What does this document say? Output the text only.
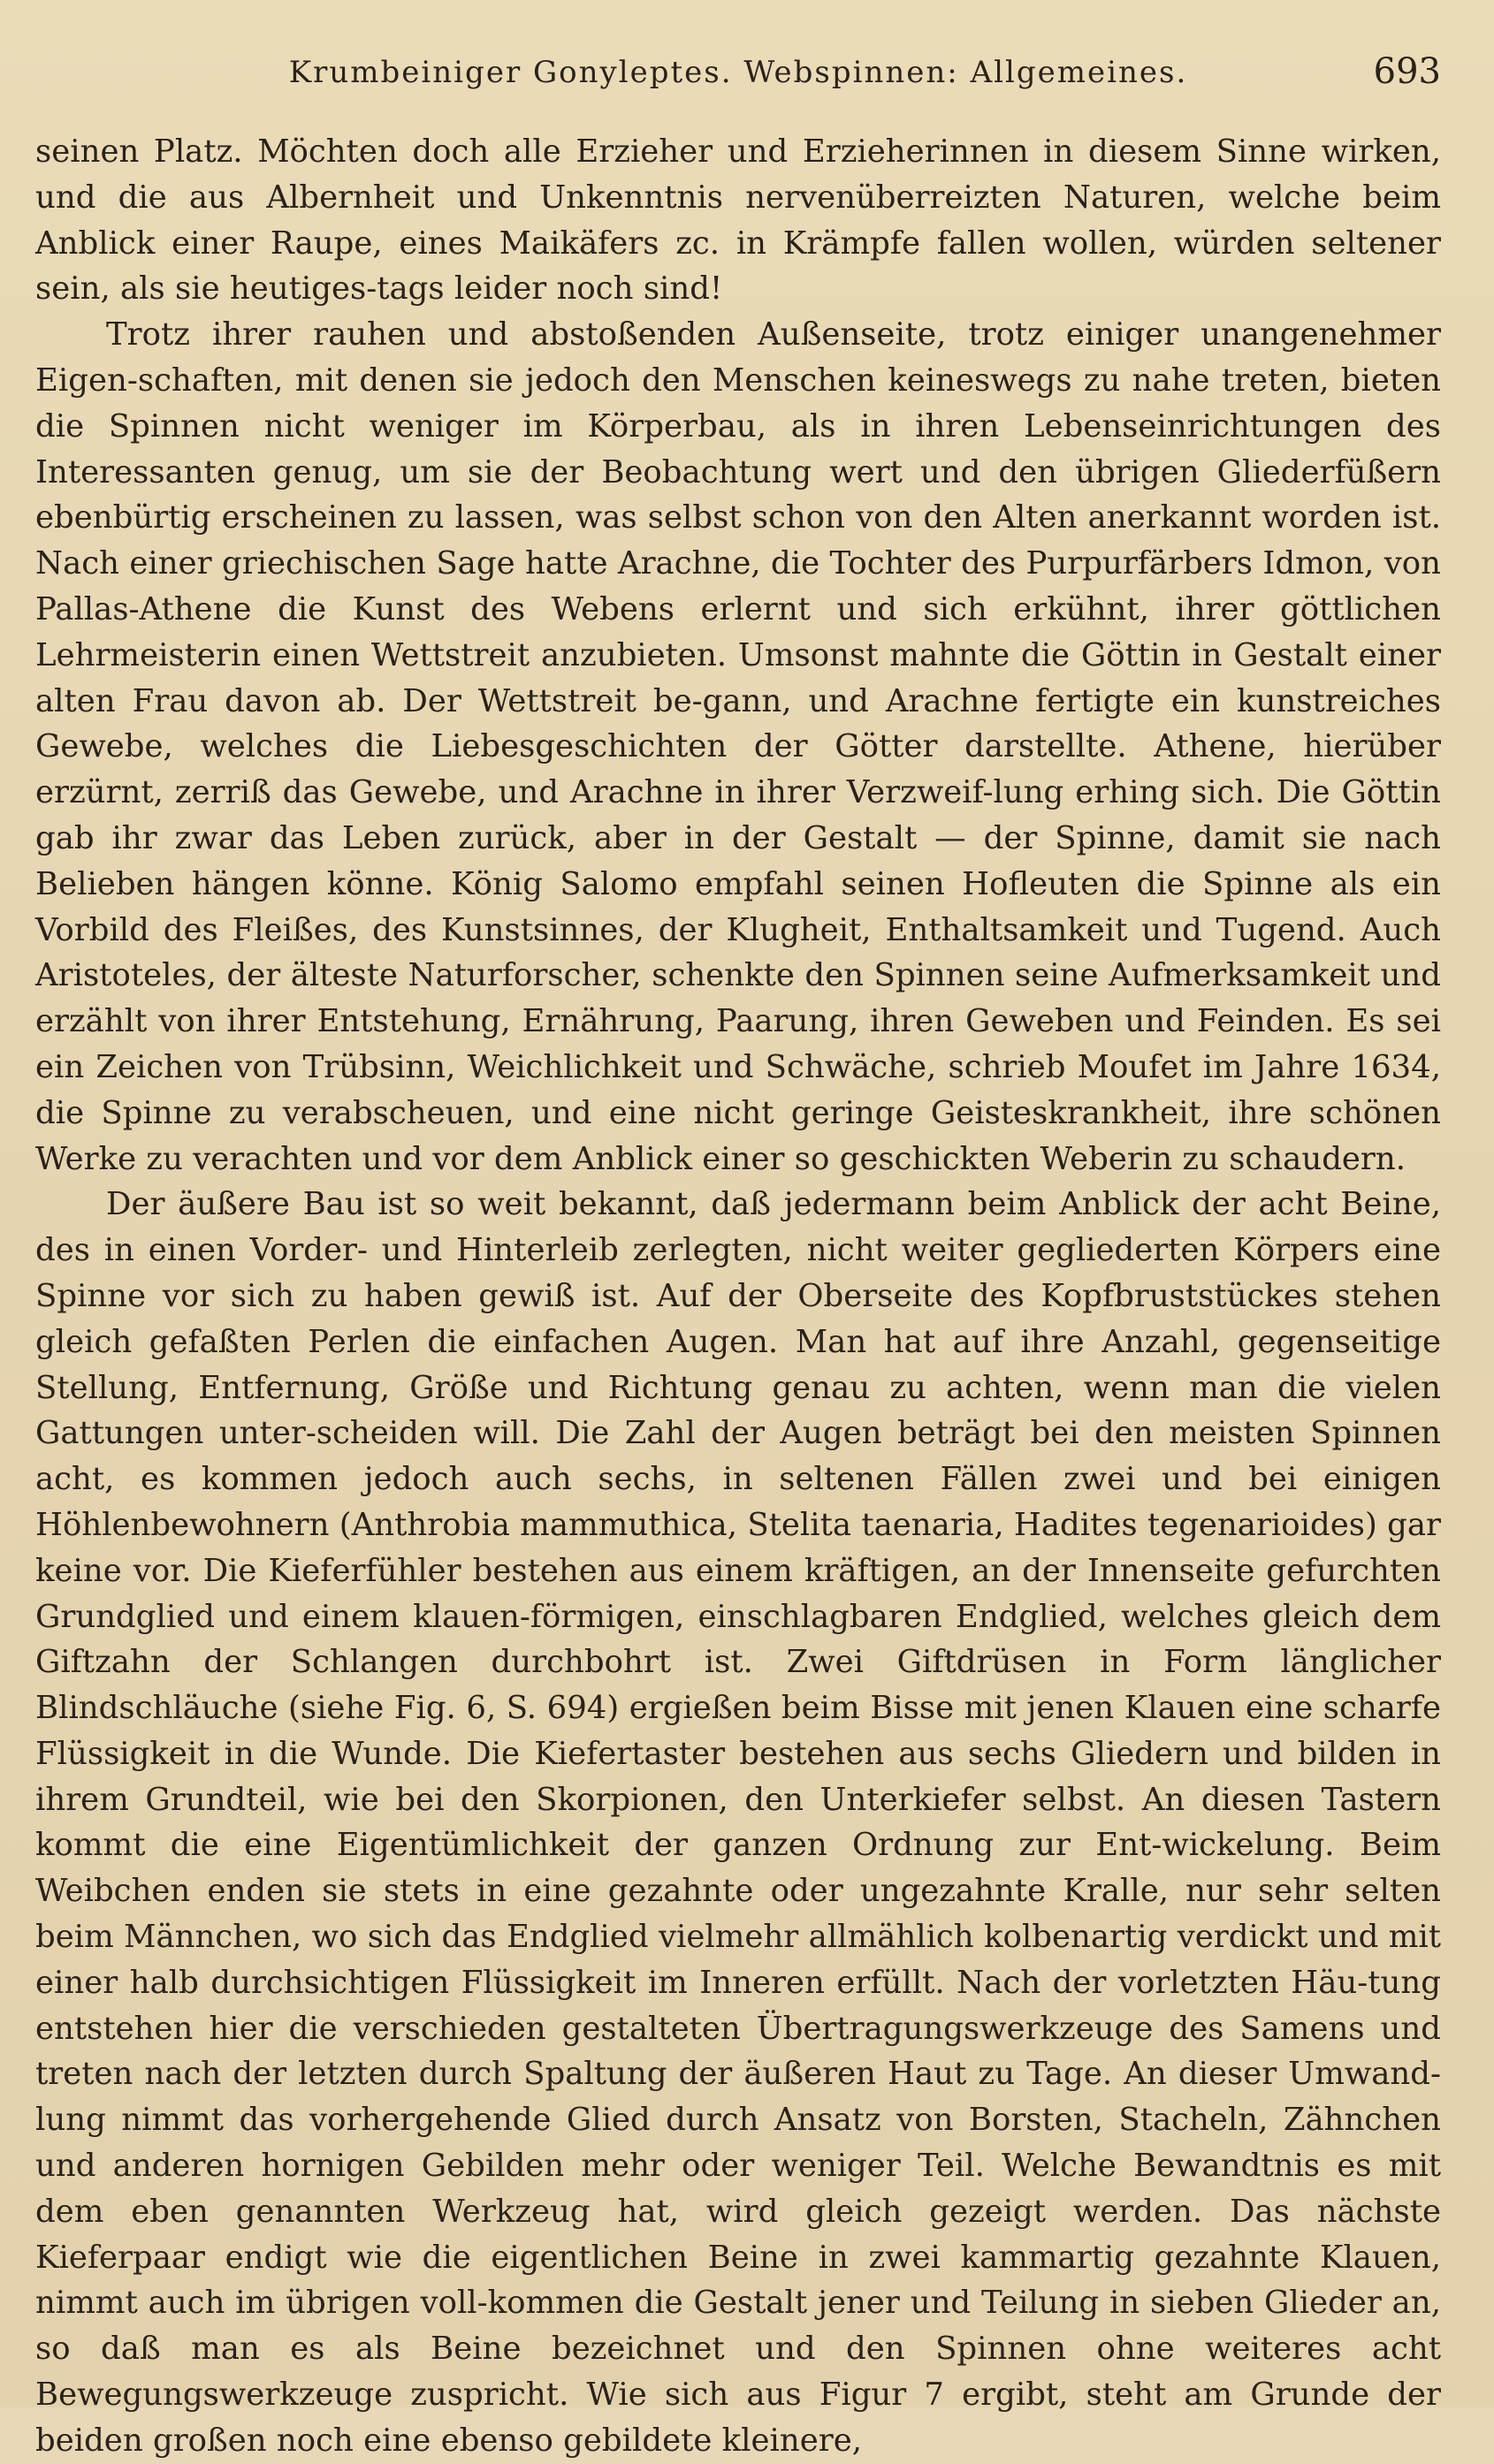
Krumbeiniger Gonyleptes. Webspinnen: Allgemeines.	693

seinen Platz. Möchten doch alle Erzieher und Erzieherinnen in diesem Sinne wirken, und die aus Albernheit und Unkenntnis nervenüberreizten Naturen, welche beim Anblick einer Raupe, eines Maikäfers zc. in Krämpfe fallen wollen, würden seltener sein, als sie heutiges-tags leider noch sind!

Trotz ihrer rauhen und abstoßenden Außenseite, trotz einiger unangenehmer Eigen-schaften, mit denen sie jedoch den Menschen keineswegs zu nahe treten, bieten die Spinnen nicht weniger im Körperbau, als in ihren Lebenseinrichtungen des Interessanten genug, um sie der Beobachtung wert und den übrigen Gliederfüßern ebenbürtig erscheinen zu lassen, was selbst schon von den Alten anerkannt worden ist. Nach einer griechischen Sage hatte Arachne, die Tochter des Purpurfärbers Idmon, von Pallas-Athene die Kunst des Webens erlernt und sich erkühnt, ihrer göttlichen Lehrmeisterin einen Wettstreit anzubieten. Umsonst mahnte die Göttin in Gestalt einer alten Frau davon ab. Der Wettstreit be-gann, und Arachne fertigte ein kunstreiches Gewebe, welches die Liebesgeschichten der Götter darstellte. Athene, hierüber erzürnt, zerriß das Gewebe, und Arachne in ihrer Verzweif-lung erhing sich. Die Göttin gab ihr zwar das Leben zurück, aber in der Gestalt — der Spinne, damit sie nach Belieben hängen könne. König Salomo empfahl seinen Hofleuten die Spinne als ein Vorbild des Fleißes, des Kunstsinnes, der Klugheit, Enthaltsamkeit und Tugend. Auch Aristoteles, der älteste Naturforscher, schenkte den Spinnen seine Aufmerksamkeit und erzählt von ihrer Entstehung, Ernährung, Paarung, ihren Geweben und Feinden. Es sei ein Zeichen von Trübsinn, Weichlichkeit und Schwäche, schrieb Moufet im Jahre 1634, die Spinne zu verabscheuen, und eine nicht geringe Geisteskrankheit, ihre schönen Werke zu verachten und vor dem Anblick einer so geschickten Weberin zu schaudern.

Der äußere Bau ist so weit bekannt, daß jedermann beim Anblick der acht Beine, des in einen Vorder- und Hinterleib zerlegten, nicht weiter gegliederten Körpers eine Spinne vor sich zu haben gewiß ist. Auf der Oberseite des Kopfbruststückes stehen gleich gefaßten Perlen die einfachen Augen. Man hat auf ihre Anzahl, gegenseitige Stellung, Entfernung, Größe und Richtung genau zu achten, wenn man die vielen Gattungen unter-scheiden will. Die Zahl der Augen beträgt bei den meisten Spinnen acht, es kommen jedoch auch sechs, in seltenen Fällen zwei und bei einigen Höhlenbewohnern (Anthrobia mammuthica, Stelita taenaria, Hadites tegenarioides) gar keine vor. Die Kieferfühler bestehen aus einem kräftigen, an der Innenseite gefurchten Grundglied und einem klauen-förmigen, einschlagbaren Endglied, welches gleich dem Giftzahn der Schlangen durchbohrt ist. Zwei Giftdrüsen in Form länglicher Blindschläuche (siehe Fig. 6, S. 694) ergießen beim Bisse mit jenen Klauen eine scharfe Flüssigkeit in die Wunde. Die Kiefertaster bestehen aus sechs Gliedern und bilden in ihrem Grundteil, wie bei den Skorpionen, den Unterkiefer selbst. An diesen Tastern kommt die eine Eigentümlichkeit der ganzen Ordnung zur Ent-wickelung. Beim Weibchen enden sie stets in eine gezahnte oder ungezahnte Kralle, nur sehr selten beim Männchen, wo sich das Endglied vielmehr allmählich kolbenartig verdickt und mit einer halb durchsichtigen Flüssigkeit im Inneren erfüllt. Nach der vorletzten Häu-tung entstehen hier die verschieden gestalteten Übertragungswerkzeuge des Samens und treten nach der letzten durch Spaltung der äußeren Haut zu Tage. An dieser Umwand-lung nimmt das vorhergehende Glied durch Ansatz von Borsten, Stacheln, Zähnchen und anderen hornigen Gebilden mehr oder weniger Teil. Welche Bewandtnis es mit dem eben genannten Werkzeug hat, wird gleich gezeigt werden. Das nächste Kieferpaar endigt wie die eigentlichen Beine in zwei kammartig gezahnte Klauen, nimmt auch im übrigen voll-kommen die Gestalt jener und Teilung in sieben Glieder an, so daß man es als Beine bezeichnet und den Spinnen ohne weiteres acht Bewegungswerkzeuge zuspricht. Wie sich aus Figur 7 ergibt, steht am Grunde der beiden großen noch eine ebenso gebildete kleinere,
